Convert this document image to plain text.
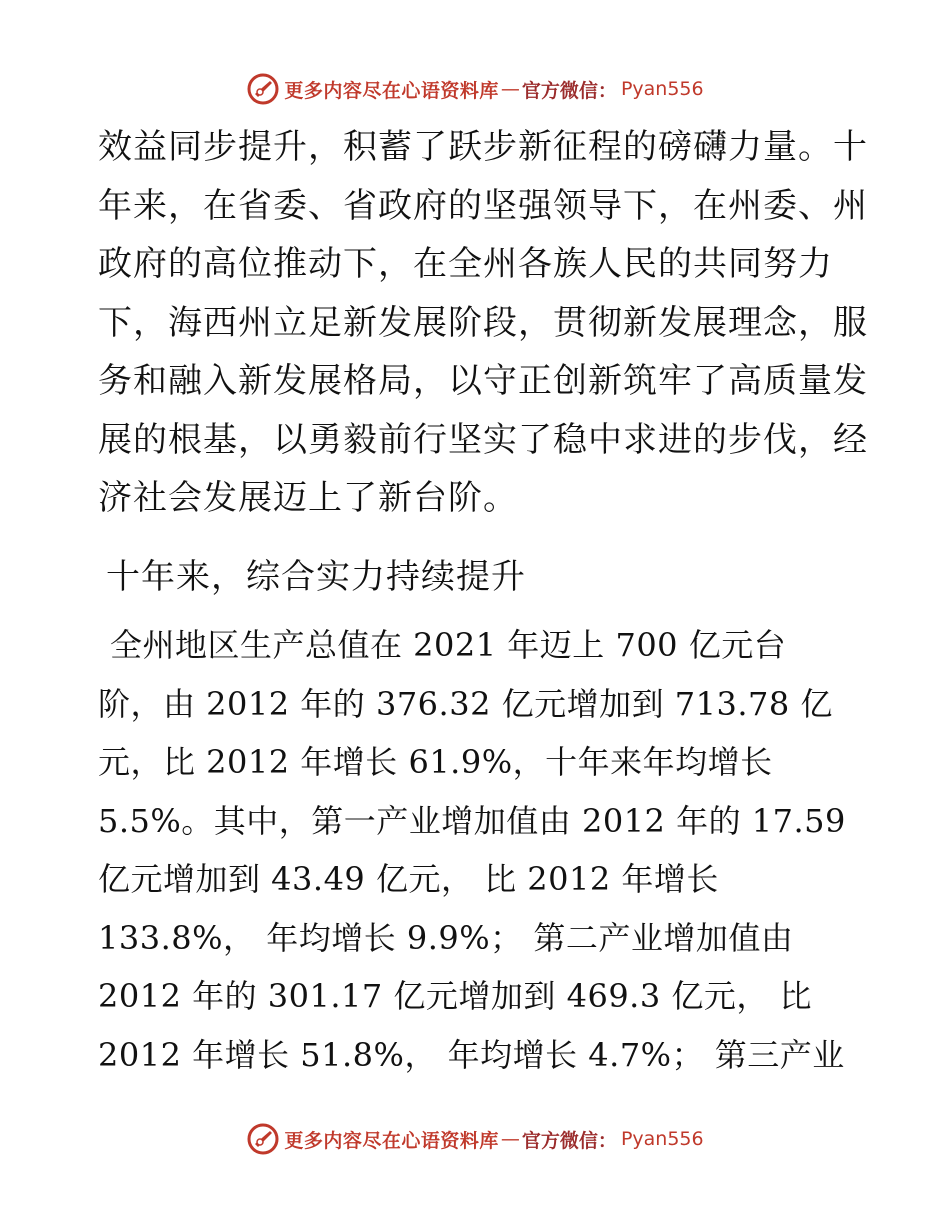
更多内容尽在心语资料库 — 官方微信： Pyan556
效益同步提升，积蓄了跃步新征程的磅礴力量。十
年来，在省委、省政府的坚强领导下，在州委、州
政府的高位推动下，在全州各族人民的共同努力
下，海西州立足新发展阶段，贯彻新发展理念，服
务和融入新发展格局，以守正创新筑牢了高质量发
展的根基，以勇毅前行坚实了稳中求进的步伐，经
济社会发展迈上了新台阶。
十年来，综合实力持续提升
全州地区生产总值在 2021 年迈上 700 亿元台
阶，由 2012 年的 376.32 亿元增加到 713.78 亿
元，比 2012 年增长 61.9%，十年来年均增长
5.5%。其中，第一产业增加值由 2012 年的 17.59
亿元增加到 43.49 亿元， 比 2012 年增长
133.8%， 年均增长 9.9%； 第二产业增加值由
2012 年的 301.17 亿元增加到 469.3 亿元， 比
2012 年增长 51.8%， 年均增长 4.7%； 第三产业
更多内容尽在心语资料库 — 官方微信： Pyan556
